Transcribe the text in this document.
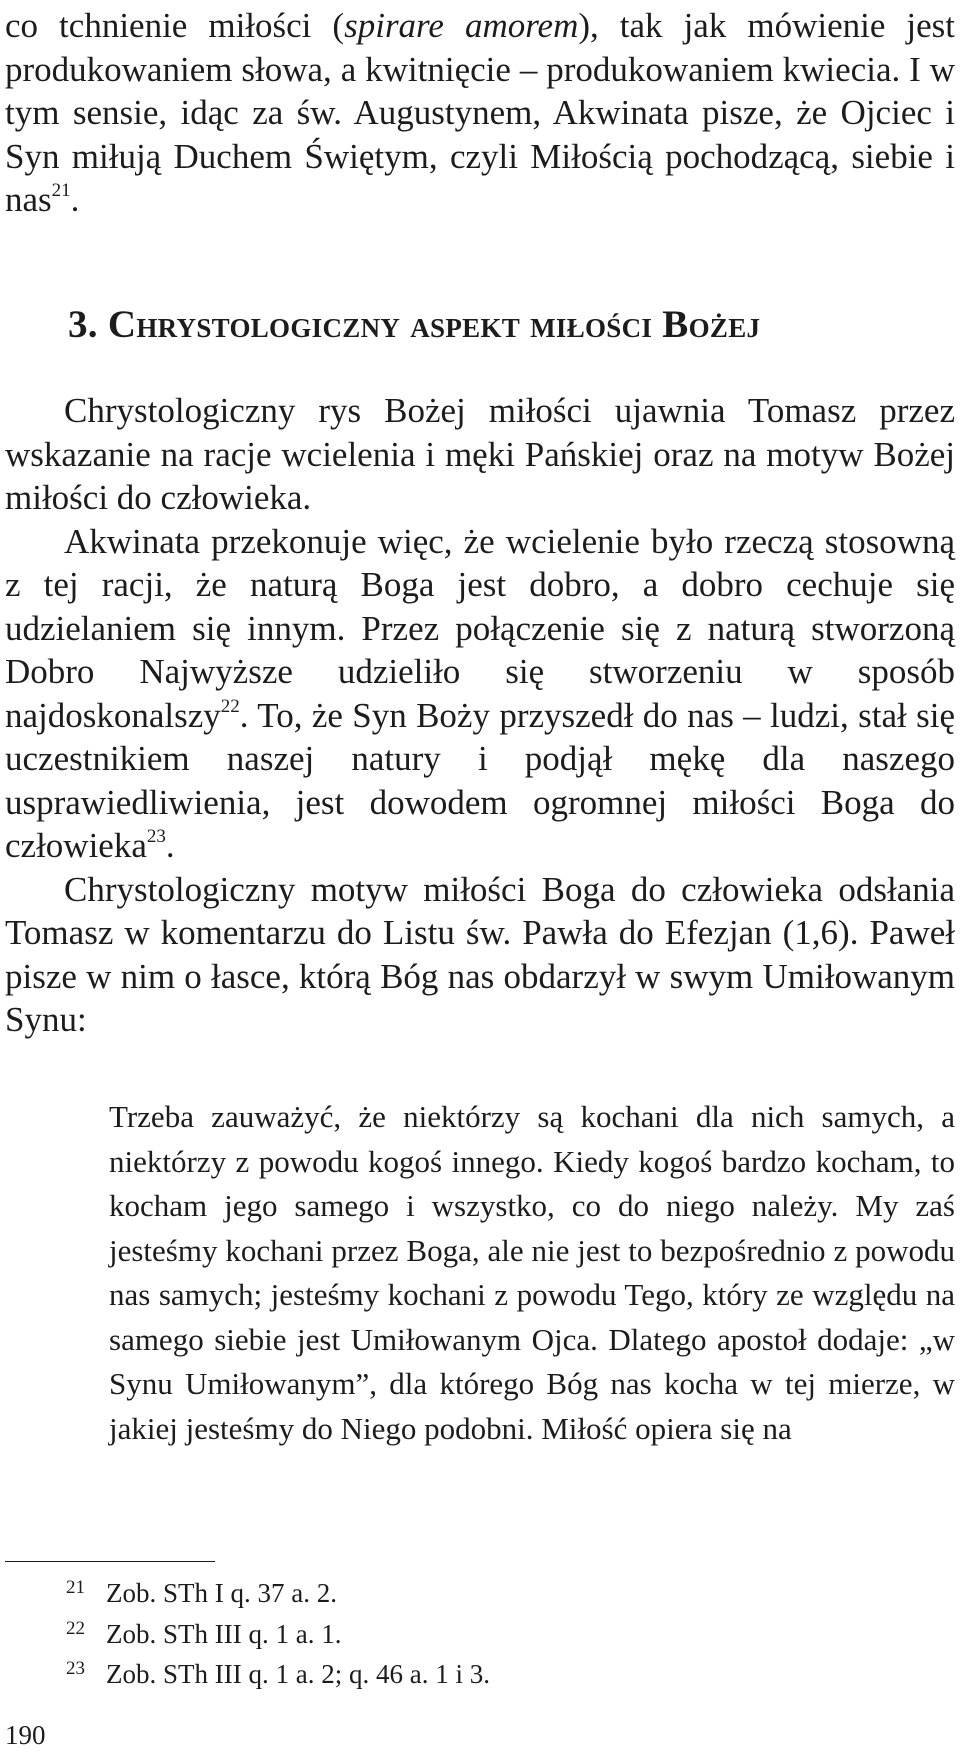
co tchnienie miłości (spirare amorem), tak jak mówienie jest produkowaniem słowa, a kwitnięcie – produkowaniem kwiecia. I w tym sensie, idąc za św. Augustynem, Akwinata pisze, że Ojciec i Syn miłują Duchem Świętym, czyli Miłością pochodzącą, siebie i nas$^{21}$.

3. Chrystologiczny aspekt miłości Bożej

Chrystologiczny rys Bożej miłości ujawnia Tomasz przez wskazanie na racje wcielenia i męki Pańskiej oraz na motyw Bożej miłości do człowieka.

Akwinata przekonuje więc, że wcielenie było rzeczą stosowną z tej racji, że naturą Boga jest dobro, a dobro cechuje się udzielaniem się innym. Przez połączenie się z naturą stworzoną Dobro Najwyższe udzieliło się stworzeniu w sposób najdoskonalszy$^{22}$. To, że Syn Boży przyszedł do nas – ludzi, stał się uczestnikiem naszej natury i podjął mękę dla naszego usprawiedliwienia, jest dowodem ogromnej miłości Boga do człowieka$^{23}$.

Chrystologiczny motyw miłości Boga do człowieka odsłania Tomasz w komentarzu do Listu św. Pawła do Efezjan (1,6). Paweł pisze w nim o łasce, którą Bóg nas obdarzył w swym Umiłowanym Synu:

Trzeba zauważyć, że niektórzy są kochani dla nich samych, a niektórzy z powodu kogoś innego. Kiedy kogoś bardzo kocham, to kocham jego samego i wszystko, co do niego należy. My zaś jesteśmy kochani przez Boga, ale nie jest to bezpośrednio z powodu nas samych; jesteśmy kochani z powodu Tego, który ze względu na samego siebie jest Umiłowanym Ojca. Dlatego apostoł dodaje: „w Synu Umiłowanym”, dla którego Bóg nas kocha w tej mierze, w jakiej jesteśmy do Niego podobni. Miłość opiera się na

21 Zob. STh I q. 37 a. 2.
22 Zob. STh III q. 1 a. 1.
23 Zob. STh III q. 1 a. 2; q. 46 a. 1 i 3.
190
